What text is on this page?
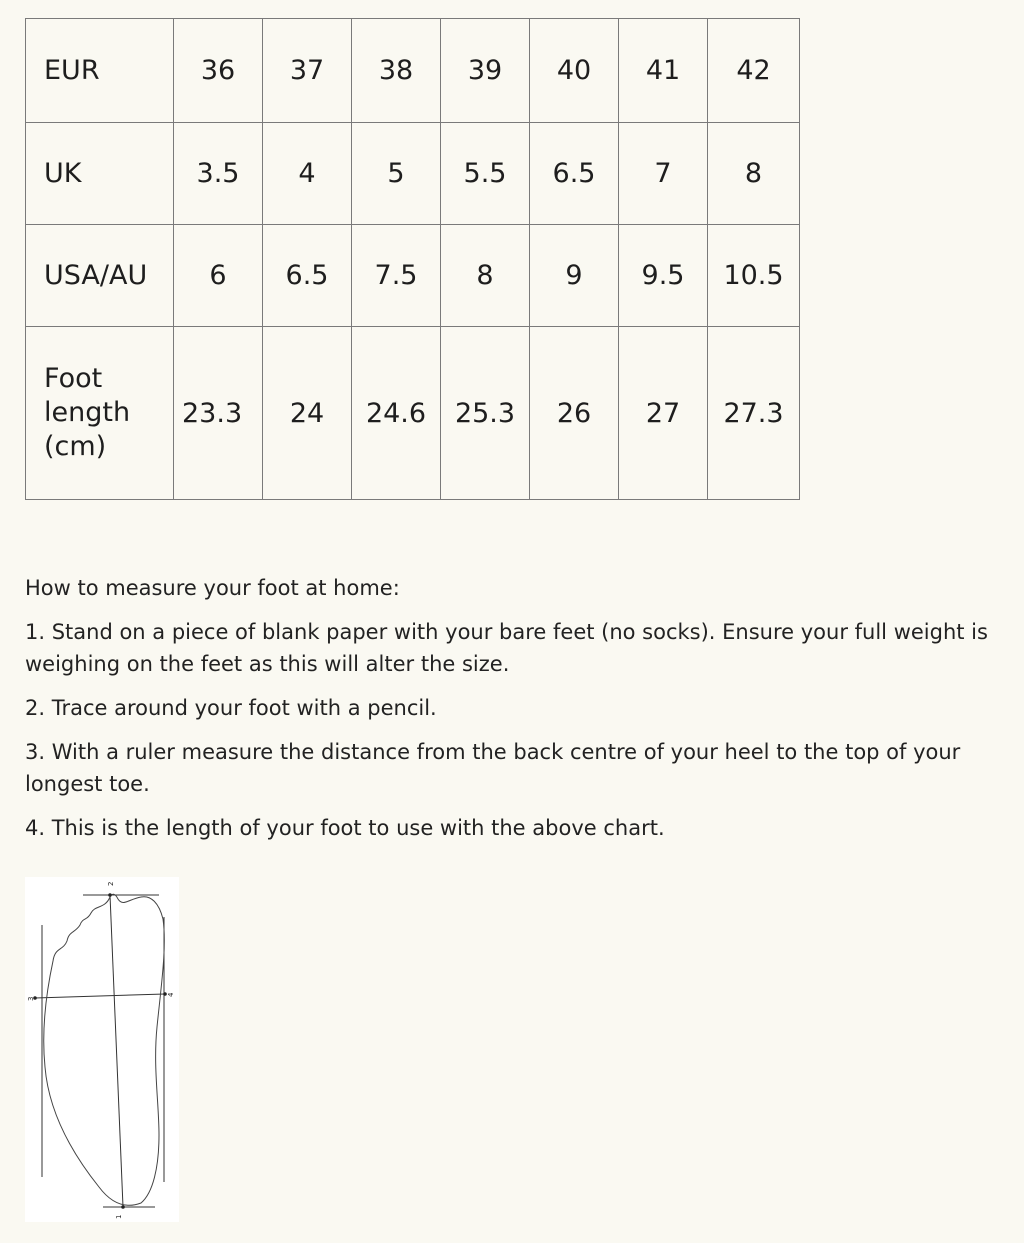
EUR	36	37	38	39	40	41	42
UK	3.5	4	5	5.5	6.5	7	8
USA/AU	6	6.5	7.5	8	9	9.5	10.5
Foot
length
(cm)	23.3	24	24.6	25.3	26	27	27.3

How to measure your foot at home:

1. Stand on a piece of blank paper with your bare feet (no socks). Ensure your full weight is weighing on the feet as this will alter the size.

2. Trace around your foot with a pencil.

3. With a ruler measure the distance from the back centre of your heel to the top of your longest toe.

4. This is the length of your foot to use with the above chart.

1
2
3
4
